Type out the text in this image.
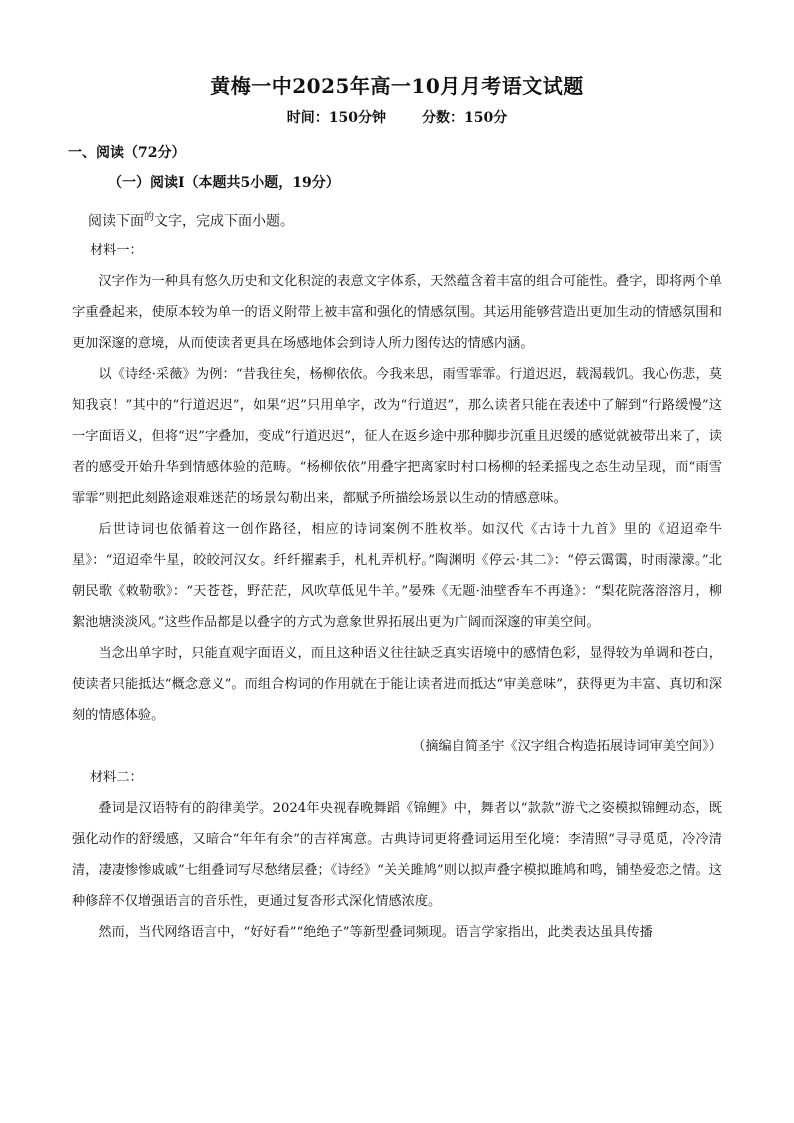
黄梅一中2025年高一10月月考语文试题
时间：150分钟	分数：150分
一、阅读（72分）
（一）阅读Ⅰ（本题共5小题，19分）
阅读下面$^的$文字，完成下面小题。
材料一：

汉字作为一种具有悠久历史和文化积淀的表意文字体系，天然蕴含着丰富的组合可能性。叠字，即将两个单字重叠起来，使原本较为单一的语义附带上被丰富和强化的情感氛围。其运用能够营造出更加生动的情感氛围和更加深邃的意境，从而使读者更具在场感地体会到诗人所力图传达的情感内涵。

以《诗经·采薇》为例：“昔我往矣，杨柳依依。今我来思，雨雪霏霏。行道迟迟，载渴载饥。我心伤悲，莫知我哀！”其中的“行道迟迟”，如果“迟”只用单字，改为“行道迟”，那么读者只能在表述中了解到“行路缓慢”这一字面语义，但将“迟”字叠加，变成“行道迟迟”，征人在返乡途中那种脚步沉重且迟缓的感觉就被带出来了，读者的感受开始升华到情感体验的范畴。“杨柳依依”用叠字把离家时村口杨柳的轻柔摇曳之态生动呈现，而“雨雪霏霏”则把此刻路途艰难迷茫的场景勾勒出来，都赋予所描绘场景以生动的情感意味。

后世诗词也依循着这一创作路径，相应的诗词案例不胜枚举。如汉代《古诗十九首》里的《迢迢牵牛星》：“迢迢牵牛星，皎皎河汉女。纤纤擢素手，札札弄机杼。”陶渊明《停云·其二》：“停云霭霭，时雨濛濛。”北朝民歌《敕勒歌》：“天苍苍，野茫茫，风吹草低见牛羊。”晏殊《无题·油壁香车不再逢》：“梨花院落溶溶月，柳絮池塘淡淡风。”这些作品都是以叠字的方式为意象世界拓展出更为广阔而深邃的审美空间。

当念出单字时，只能直观字面语义，而且这种语义往往缺乏真实语境中的感情色彩，显得较为单调和苍白，使读者只能抵达“概念意义”。而组合构词的作用就在于能让读者进而抵达“审美意味”，获得更为丰富、真切和深刻的情感体验。

（摘编自简圣宇《汉字组合构造拓展诗词审美空间》）
材料二：

叠词是汉语特有的韵律美学。2024年央视春晚舞蹈《锦鲤》中，舞者以“款款”游弋之姿模拟锦鲤动态，既强化动作的舒缓感，又暗合“年年有余”的吉祥寓意。古典诗词更将叠词运用至化境：李清照“寻寻觅觅，冷冷清清，凄凄惨惨戚戚”七组叠词写尽愁绪层叠；《诗经》“关关雎鸠”则以拟声叠字模拟雎鸠和鸣，铺垫爱恋之情。这种修辞不仅增强语言的音乐性，更通过复沓形式深化情感浓度。

然而，当代网络语言中，“好好看”“绝绝子”等新型叠词频现。语言学家指出，此类表达虽具传播
